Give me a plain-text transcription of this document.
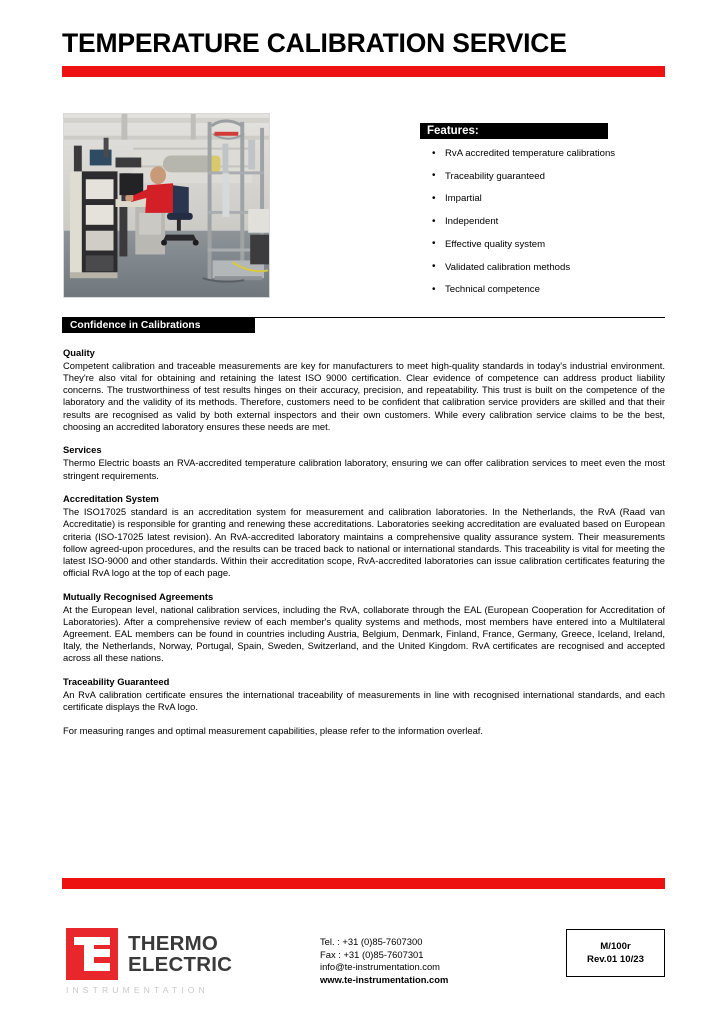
TEMPERATURE CALIBRATION SERVICE
Features:
• RvA accredited temperature calibrations
• Traceability guaranteed
• Impartial
• Independent
• Effective quality system
• Validated calibration methods
• Technical competence
Confidence in Calibrations
Quality

Competent calibration and traceable measurements are key for manufacturers to meet high-quality standards in today's industrial environment. They're also vital for obtaining and retaining the latest ISO 9000 certification. Clear evidence of competence can address product liability concerns. The trustworthiness of test results hinges on their accuracy, precision, and repeatability. This trust is built on the competence of the laboratory and the validity of its methods. Therefore, customers need to be confident that calibration service providers are skilled and that their results are recognised as valid by both external inspectors and their own customers. While every calibration service claims to be the best, choosing an accredited laboratory ensures these needs are met.

Services

Thermo Electric boasts an RVA-accredited temperature calibration laboratory, ensuring we can offer calibration services to meet even the most stringent requirements.

Accreditation System

The ISO17025 standard is an accreditation system for measurement and calibration laboratories. In the Netherlands, the RvA (Raad van Accreditatie) is responsible for granting and renewing these accreditations. Laboratories seeking accreditation are evaluated based on European criteria (ISO-17025 latest revision). An RvA-accredited laboratory maintains a comprehensive quality assurance system. Their measurements follow agreed-upon procedures, and the results can be traced back to national or international standards. This traceability is vital for meeting the latest ISO-9000 and other standards. Within their accreditation scope, RvA-accredited laboratories can issue calibration certificates featuring the official RvA logo at the top of each page.

Mutually Recognised Agreements

At the European level, national calibration services, including the RvA, collaborate through the EAL (European Cooperation for Accreditation of Laboratories). After a comprehensive review of each member's quality systems and methods, most members have entered into a Multilateral Agreement. EAL members can be found in countries including Austria, Belgium, Denmark, Finland, France, Germany, Greece, Iceland, Ireland, Italy, the Netherlands, Norway, Portugal, Spain, Sweden, Switzerland, and the United Kingdom. RvA certificates are recognised and accepted across all these nations.

Traceability Guaranteed

An RvA calibration certificate ensures the international traceability of measurements in line with recognised international standards, and each certificate displays the RvA logo.

For measuring ranges and optimal measurement capabilities, please refer to the information overleaf.

THERMO
ELECTRIC
INSTRUMENTATION
Tel. : +31 (0)85-7607300
Fax : +31 (0)85-7607301
info@te-instrumentation.com
www.te-instrumentation.com
M/100r
Rev.01 10/23
